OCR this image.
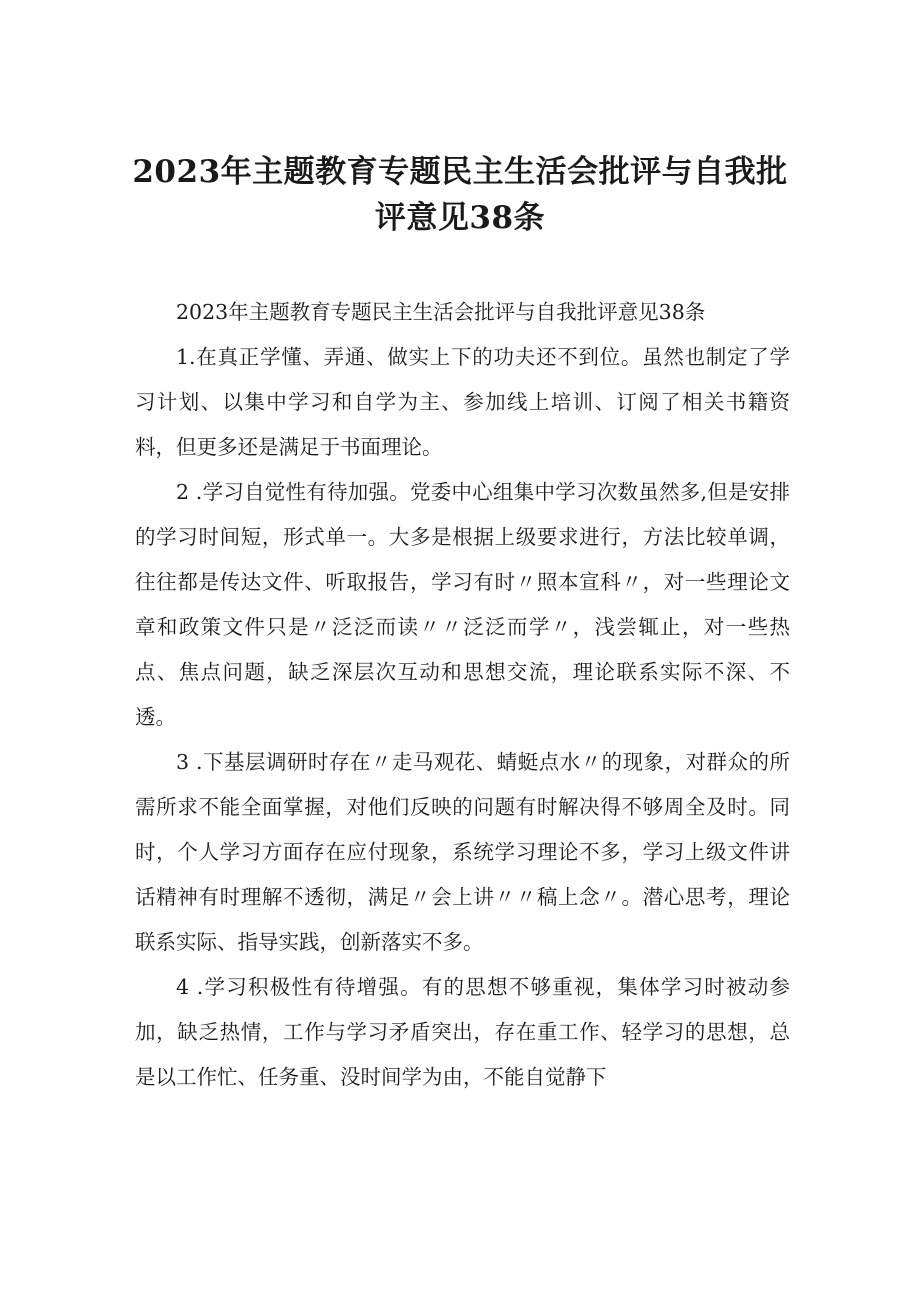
2023年主题教育专题民主生活会批评与自我批评意见38条

2023年主题教育专题民主生活会批评与自我批评意见38条

1.在真正学懂、弄通、做实上下的功夫还不到位。虽然也制定了学习计划、以集中学习和自学为主、参加线上培训、订阅了相关书籍资料，但更多还是满足于书面理论。

2 .学习自觉性有待加强。党委中心组集中学习次数虽然多,但是安排的学习时间短，形式单一。大多是根据上级要求进行，方法比较单调，往往都是传达文件、听取报告，学习有时〃照本宣科〃，对一些理论文章和政策文件只是〃泛泛而读〃〃泛泛而学〃，浅尝辄止，对一些热点、焦点问题，缺乏深层次互动和思想交流，理论联系实际不深、不透。

3 .下基层调研时存在〃走马观花、蜻蜓点水〃的现象，对群众的所需所求不能全面掌握，对他们反映的问题有时解决得不够周全及时。同时，个人学习方面存在应付现象，系统学习理论不多，学习上级文件讲话精神有时理解不透彻，满足〃会上讲〃〃稿上念〃。潜心思考，理论联系实际、指导实践，创新落实不多。

4 .学习积极性有待增强。有的思想不够重视，集体学习时被动参加，缺乏热情，工作与学习矛盾突出，存在重工作、轻学习的思想，总是以工作忙、任务重、没时间学为由，不能自觉静下
